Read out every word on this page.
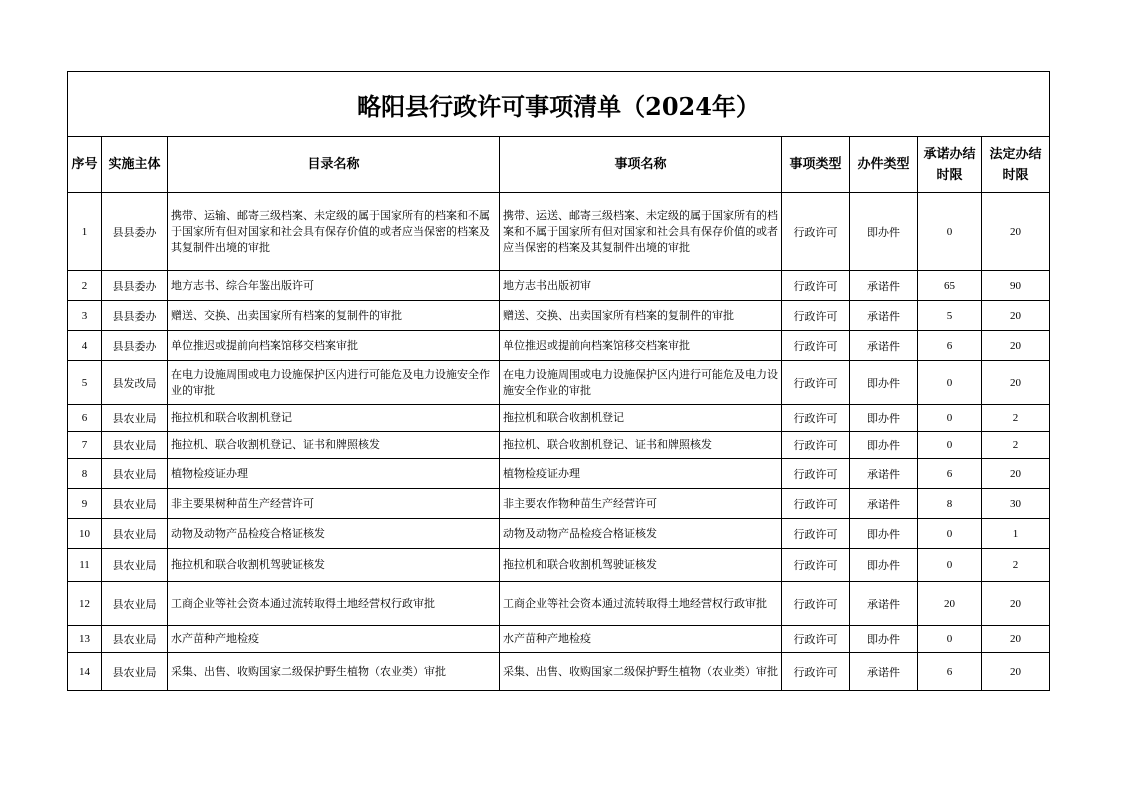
略阳县行政许可事项清单（2024年）							
序号	实施主体	目录名称	事项名称	事项类型	办件类型	承诺办结时限	法定办结时限

1	县县委办	携带、运输、邮寄三级档案、未定级的属于国家所有的档案和不属于国家所有但对国家和社会具有保存价值的或者应当保密的档案及其复制件出境的审批	携带、运送、邮寄三级档案、未定级的属于国家所有的档案和不属于国家所有但对国家和社会具有保存价值的或者应当保密的档案及其复制件出境的审批	行政许可	即办件	0	20
2	县县委办	地方志书、综合年鉴出版许可	地方志书出版初审	行政许可	承诺件	65	90
3	县县委办	赠送、交换、出卖国家所有档案的复制件的审批	赠送、交换、出卖国家所有档案的复制件的审批	行政许可	承诺件	5	20
4	县县委办	单位推迟或提前向档案馆移交档案审批	单位推迟或提前向档案馆移交档案审批	行政许可	承诺件	6	20
5	县发改局	在电力设施周围或电力设施保护区内进行可能危及电力设施安全作业的审批	在电力设施周围或电力设施保护区内进行可能危及电力设施安全作业的审批	行政许可	即办件	0	20
6	县农业局	拖拉机和联合收割机登记	拖拉机和联合收割机登记	行政许可	即办件	0	2
7	县农业局	拖拉机、联合收割机登记、证书和牌照核发	拖拉机、联合收割机登记、证书和牌照核发	行政许可	即办件	0	2
8	县农业局	植物检疫证办理	植物检疫证办理	行政许可	承诺件	6	20
9	县农业局	非主要果树种苗生产经营许可	非主要农作物种苗生产经营许可	行政许可	承诺件	8	30
10	县农业局	动物及动物产品检疫合格证核发	动物及动物产品检疫合格证核发	行政许可	即办件	0	1
11	县农业局	拖拉机和联合收割机驾驶证核发	拖拉机和联合收割机驾驶证核发	行政许可	即办件	0	2
12	县农业局	工商企业等社会资本通过流转取得土地经营权行政审批	工商企业等社会资本通过流转取得土地经营权行政审批	行政许可	承诺件	20	20
13	县农业局	水产苗种产地检疫	水产苗种产地检疫	行政许可	即办件	0	20
14	县农业局	采集、出售、收购国家二级保护野生植物（农业类）审批	采集、出售、收购国家二级保护野生植物（农业类）审批	行政许可	承诺件	6	20
